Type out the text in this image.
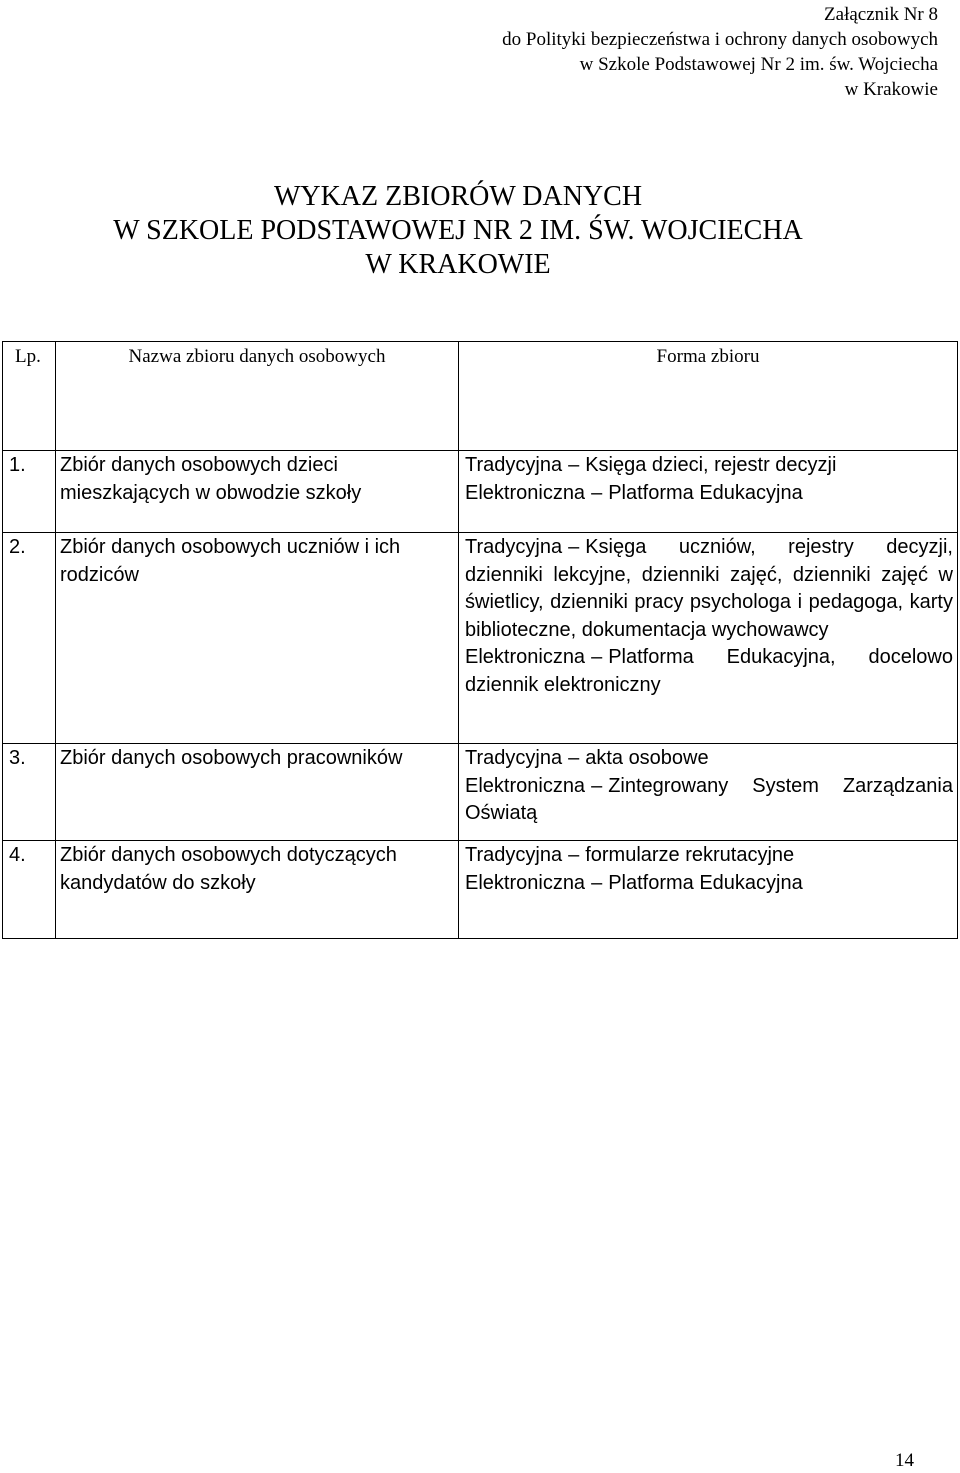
Załącznik Nr 8
do Polityki bezpieczeństwa i ochrony danych osobowych
w Szkole Podstawowej Nr 2 im. św. Wojciecha
w Krakowie
WYKAZ ZBIORÓW DANYCH
W SZKOLE PODSTAWOWEJ NR 2 IM. ŚW. WOJCIECHA
W KRAKOWIE
Lp.	Nazwa zbioru danych osobowych	Forma zbioru
1.	Zbiór danych osobowych dzieci mieszkających w obwodzie szkoły	Tradycyjna – Księga dzieci, rejestr decyzji
Elektroniczna – Platforma Edukacyjna

2.	Zbiór danych osobowych uczniów i ich rodziców	Tradycyjna – Księga uczniów, rejestry decyzji, dzienniki lekcyjne, dzienniki zajęć, dzienniki zajęć w świetlicy, dzienniki pracy psychologa i pedagoga, karty biblioteczne, dokumentacja wychowawcy
Elektroniczna – Platforma Edukacyjna, docelowo dziennik elektroniczny

3.	Zbiór danych osobowych pracowników	Tradycyjna – akta osobowe
Elektroniczna – Zintegrowany System Zarządzania Oświatą

4.	Zbiór danych osobowych dotyczących kandydatów do szkoły	Tradycyjna – formularze rekrutacyjne
Elektroniczna – Platforma Edukacyjna
14
